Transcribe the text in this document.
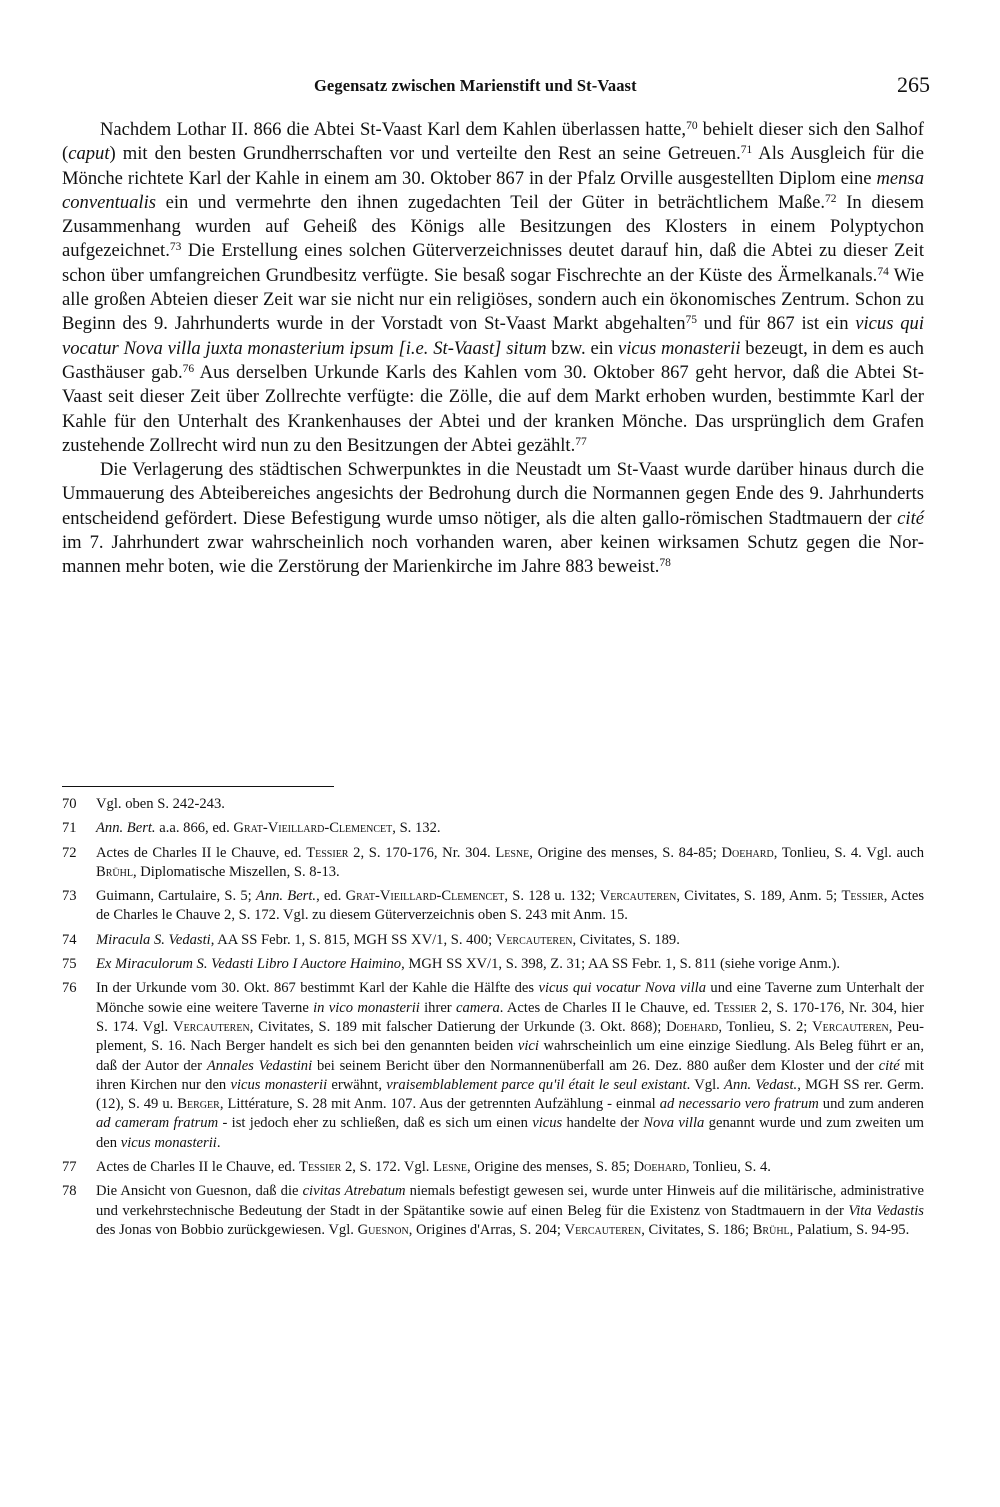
Gegensatz zwischen Marienstift und St-Vaast	265

Nachdem Lothar II. 866 die Abtei St-Vaast Karl dem Kahlen überlassen hatte,$^{70}$ behielt dieser sich den Salhof (caput) mit den besten Grundherrschaften vor und verteilte den Rest an seine Getreuen.$^{71}$ Als Ausgleich für die Mönche richtete Karl der Kahle in einem am 30. Oktober 867 in der Pfalz Orville ausgestellten Diplom eine mensa conventualis ein und vermehrte den ihnen zugedachten Teil der Güter in beträchtlichem Maße.$^{72}$ In diesem Zusammenhang wurden auf Geheiß des Königs alle Besitzungen des Klosters in einem Polyptychon aufgezeichnet.$^{73}$ Die Erstellung eines solchen Güterverzeichnisses deutet darauf hin, daß die Abtei zu dieser Zeit schon über umfangreichen Grundbesitz verfügte. Sie besaß sogar Fischrechte an der Küste des Ärmelkanals.$^{74}$ Wie alle großen Abteien dieser Zeit war sie nicht nur ein religiöses, sondern auch ein ökonomisches Zentrum. Schon zu Beginn des 9. Jahrhunderts wurde in der Vorstadt von St-Vaast Markt abgehalten$^{75}$ und für 867 ist ein vicus qui vocatur Nova villa juxta monasterium ipsum [i.e. St-Vaast] situm bzw. ein vicus monasterii bezeugt, in dem es auch Gasthäuser gab.$^{76}$ Aus derselben Urkunde Karls des Kahlen vom 30. Oktober 867 geht hervor, daß die Abtei St-Vaast seit dieser Zeit über Zollrechte verfügte: die Zölle, die auf dem Markt erhoben wurden, bestimmte Karl der Kahle für den Unterhalt des Krankenhauses der Abtei und der kranken Mönche. Das ursprünglich dem Grafen zustehende Zollrecht wird nun zu den Besitzungen der Abtei gezählt.$^{77}$

Die Verlagerung des städtischen Schwerpunktes in die Neustadt um St-Vaast wurde darüber hinaus durch die Ummauerung des Abteibereiches angesichts der Bedrohung durch die Normannen gegen Ende des 9. Jahrhunderts entscheidend gefördert. Diese Befestigung wurde umso nötiger, als die alten gallo-römischen Stadtmauern der cité im 7. Jahrhundert zwar wahrscheinlich noch vorhanden waren, aber keinen wirksamen Schutz gegen die Normannen mehr boten, wie die Zerstörung der Marienkirche im Jahre 883 beweist.$^{78}$

70 Vgl. oben S. 242-243.
71 Ann. Bert. a.a. 866, ed. Grat-Vieillard-Clemencet, S. 132.
72 Actes de Charles II le Chauve, ed. Tessier 2, S. 170-176, Nr. 304. Lesne, Origine des menses, S. 84-85; Doehard, Tonlieu, S. 4. Vgl. auch Brühl, Diplomatische Miszellen, S. 8-13.
73 Guimann, Cartulaire, S. 5; Ann. Bert., ed. Grat-Vieillard-Clemencet, S. 128 u. 132; Vercauteren, Civitates, S. 189, Anm. 5; Tessier, Actes de Charles le Chauve 2, S. 172. Vgl. zu diesem Güterverzeichnis oben S. 243 mit Anm. 15.
74 Miracula S. Vedasti, AA SS Febr. 1, S. 815, MGH SS XV/1, S. 400; Vercauteren, Civitates, S. 189.
75 Ex Miraculorum S. Vedasti Libro I Auctore Haimino, MGH SS XV/1, S. 398, Z. 31; AA SS Febr. 1, S. 811 (siehe vorige Anm.).
76 In der Urkunde vom 30. Okt. 867 bestimmt Karl der Kahle die Hälfte des vicus qui vocatur Nova villa und eine Taverne zum Unterhalt der Mönche sowie eine weitere Taverne in vico monasterii ihrer camera. Actes de Charles II le Chauve, ed. Tessier 2, S. 170-176, Nr. 304, hier S. 174. Vgl. Vercauteren, Civitates, S. 189 mit falscher Datierung der Urkunde (3. Okt. 868); Doehard, Tonlieu, S. 2; Vercauteren, Peuplement, S. 16. Nach Berger handelt es sich bei den genannten beiden vici wahrscheinlich um eine einzige Siedlung. Als Beleg führt er an, daß der Autor der Annales Vedastini bei seinem Bericht über den Normannenüberfall am 26. Dez. 880 außer dem Kloster und der cité mit ihren Kirchen nur den vicus monasterii erwähnt, vraisemblablement parce qu'il était le seul existant. Vgl. Ann. Vedast., MGH SS rer. Germ. (12), S. 49 u. Berger, Littérature, S. 28 mit Anm. 107. Aus der getrennten Aufzählung - einmal ad necessario vero fratrum und zum anderen ad cameram fratrum - ist jedoch eher zu schließen, daß es sich um einen vicus handelte der Nova villa genannt wurde und zum zweiten um den vicus monasterii.
77 Actes de Charles II le Chauve, ed. Tessier 2, S. 172. Vgl. Lesne, Origine des menses, S. 85; Doehard, Tonlieu, S. 4.
78 Die Ansicht von Guesnon, daß die civitas Atrebatum niemals befestigt gewesen sei, wurde unter Hinweis auf die militärische, administrative und verkehrstechnische Bedeutung der Stadt in der Spätantike sowie auf einen Beleg für die Existenz von Stadtmauern in der Vita Vedastis des Jonas von Bobbio zurückgewiesen. Vgl. Guesnon, Origines d'Arras, S. 204; Vercauteren, Civitates, S. 186; Brühl, Palatium, S. 94-95.
